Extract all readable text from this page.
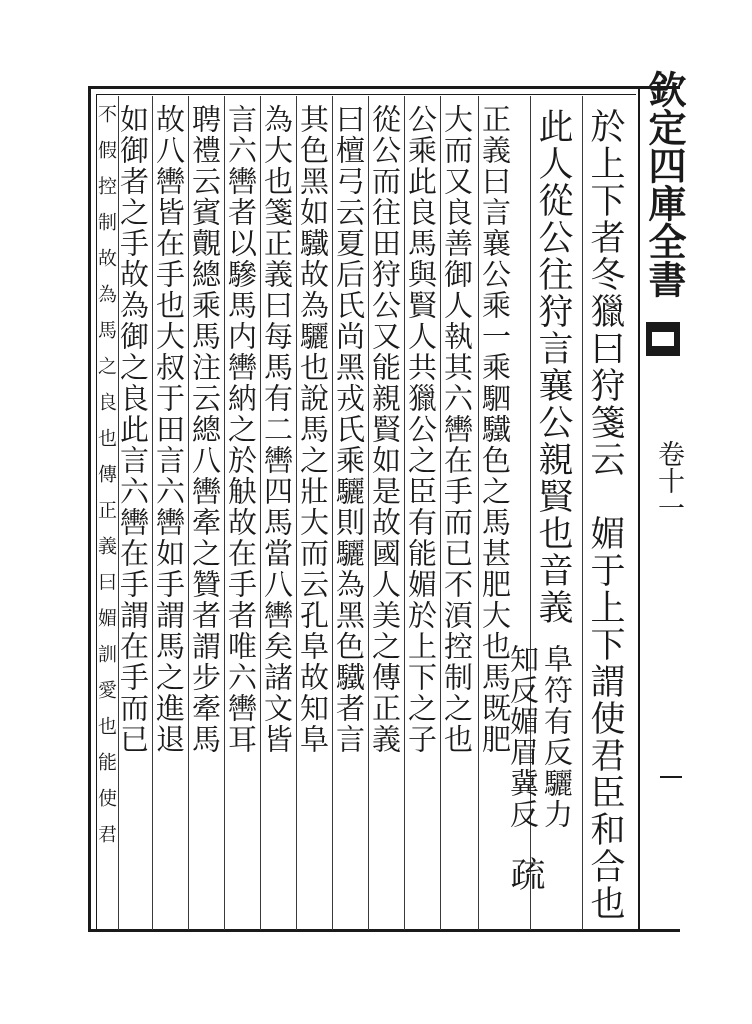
欽定四庫全書
卷十一
於上下者冬獵曰狩箋云　媚于上下謂使君臣和合也
此人從公往狩言襄公親賢也音義
阜符有反驪力
知反媚眉冀反
正義曰言襄公乘一乘駟驖色之馬甚肥大也馬既肥
疏
大而又良善御人執其六轡在手而已不湏控制之也
公乘此良馬與賢人共獵公之臣有能媚於上下之子
從公而往田狩公又能親賢如是故國人美之傳正義
曰檀弓云夏后氏尚黑戎氏乘驪則驪為黑色驖者言
其色黑如驖故為驪也說馬之壯大而云孔阜故知阜
為大也箋正義曰每馬有二轡四馬當八轡矣諸文皆
言六轡者以驂馬内轡納之於觖故在手者唯六轡耳
聘禮云賓覿總乘馬注云總八轡牽之贊者謂步牽馬
故八轡皆在手也大叔于田言六轡如手謂馬之進退
如御者之手故為御之良此言六轡在手謂在手而已
不假控制故為馬之良也傳正義曰媚訓愛也能使君
